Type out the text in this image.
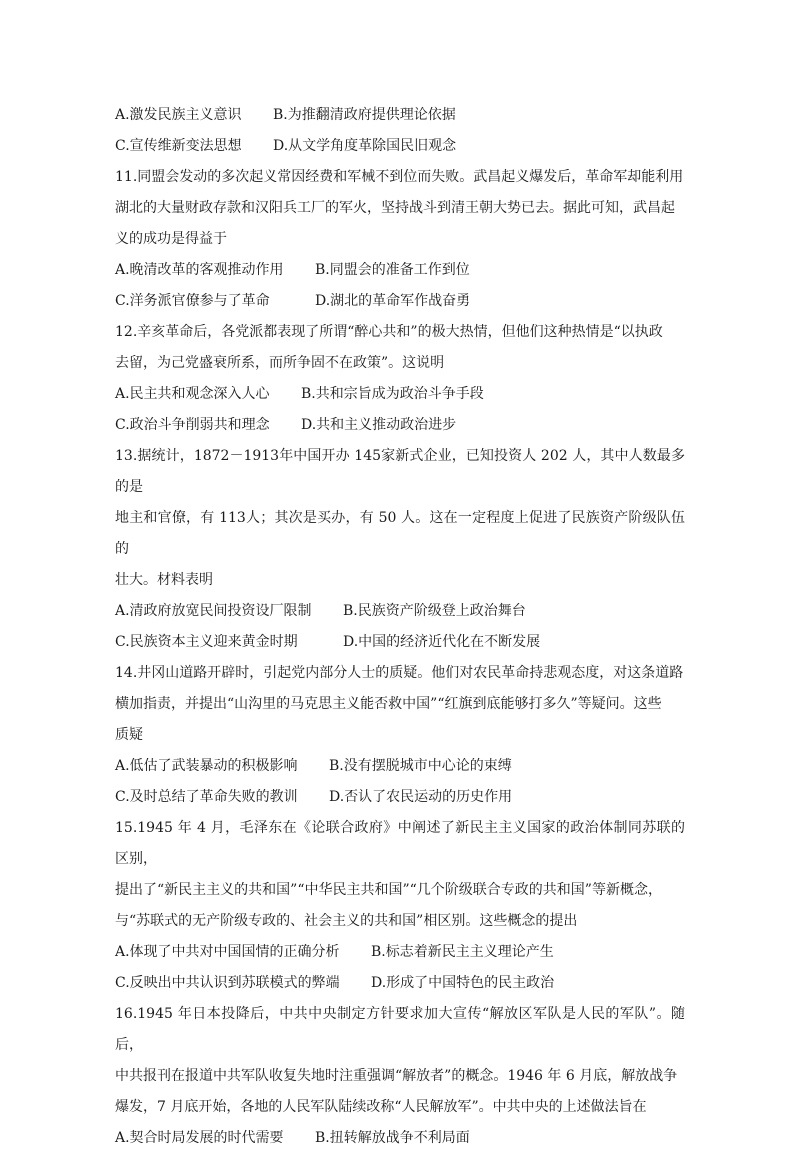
A.激发民族主义意识	B.为推翻清政府提供理论依据
C.宣传维新变法思想	D.从文学角度革除国民旧观念

11.同盟会发动的多次起义常因经费和军械不到位而失败。武昌起义爆发后，革命军却能利用

湖北的大量财政存款和汉阳兵工厂的军火，坚持战斗到清王朝大势已去。据此可知，武昌起

义的成功是得益于

A.晚清改革的客观推动作用	B.同盟会的准备工作到位
C.洋务派官僚参与了革命	D.湖北的革命军作战奋勇

12.辛亥革命后，各党派都表现了所谓“醉心共和”的极大热情，但他们这种热情是“以执政

去留，为己党盛衰所系，而所争固不在政策”。这说明

A.民主共和观念深入人心	B.共和宗旨成为政治斗争手段
C.政治斗争削弱共和理念	D.共和主义推动政治进步

13.据统计，1872－1913年中国开办 145家新式企业，已知投资人 202 人，其中人数最多的是

地主和官僚，有 113人；其次是买办，有 50 人。这在一定程度上促进了民族资产阶级队伍的

壮大。材料表明

A.清政府放宽民间投资设厂限制	B.民族资产阶级登上政治舞台
C.民族资本主义迎来黄金时期	D.中国的经济近代化在不断发展

14.井冈山道路开辟时，引起党内部分人士的质疑。他们对农民革命持悲观态度，对这条道路

横加指责，并提出“山沟里的马克思主义能否救中国”“红旗到底能够打多久”等疑问。这些

质疑

A.低估了武装暴动的积极影响	B.没有摆脱城市中心论的束缚
C.及时总结了革命失败的教训	D.否认了农民运动的历史作用

15.1945 年 4 月，毛泽东在《论联合政府》中阐述了新民主主义国家的政治体制同苏联的区别，

提出了“新民主主义的共和国”“中华民主共和国”“几个阶级联合专政的共和国”等新概念，

与“苏联式的无产阶级专政的、社会主义的共和国”相区别。这些概念的提出

A.体现了中共对中国国情的正确分析	B.标志着新民主主义理论产生
C.反映出中共认识到苏联模式的弊端	D.形成了中国特色的民主政治

16.1945 年日本投降后，中共中央制定方针要求加大宣传“解放区军队是人民的军队”。随后，

中共报刊在报道中共军队收复失地时注重强调“解放者”的概念。1946 年 6 月底，解放战争

爆发，7 月底开始，各地的人民军队陆续改称“人民解放军”。中共中央的上述做法旨在

A.契合时局发展的时代需要	B.扭转解放战争不利局面
